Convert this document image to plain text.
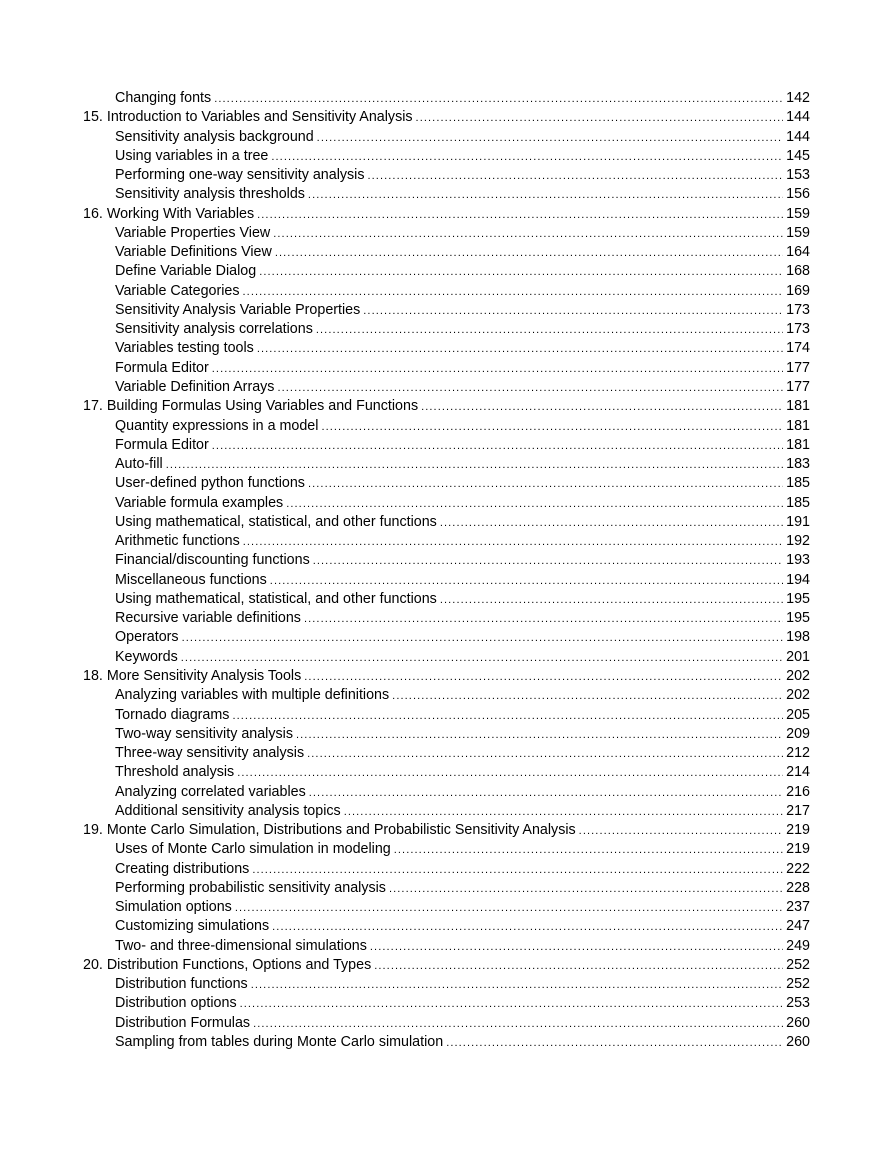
Changing fonts .....	142
15. Introduction to Variables and Sensitivity Analysis .....	144
Sensitivity analysis background .....	144
Using variables in a tree .....	145
Performing one-way sensitivity analysis .....	153
Sensitivity analysis thresholds .....	156
16. Working With Variables .....	159
Variable Properties View .....	159
Variable Definitions View .....	164
Define Variable Dialog .....	168
Variable Categories .....	169
Sensitivity Analysis Variable Properties .....	173
Sensitivity analysis correlations .....	173
Variables testing tools .....	174
Formula Editor .....	177
Variable Definition Arrays .....	177
17. Building Formulas Using Variables and Functions .....	181
Quantity expressions in a model .....	181
Formula Editor .....	181
Auto-fill .....	183
User-defined python functions .....	185
Variable formula examples .....	185
Using mathematical, statistical, and other functions .....	191
Arithmetic functions .....	192
Financial/discounting functions .....	193
Miscellaneous functions .....	194
Using mathematical, statistical, and other functions .....	195
Recursive variable definitions .....	195
Operators .....	198
Keywords .....	201
18. More Sensitivity Analysis Tools .....	202
Analyzing variables with multiple definitions .....	202
Tornado diagrams .....	205
Two-way sensitivity analysis .....	209
Three-way sensitivity analysis .....	212
Threshold analysis .....	214
Analyzing correlated variables .....	216
Additional sensitivity analysis topics .....	217
19. Monte Carlo Simulation, Distributions and Probabilistic Sensitivity Analysis .....	219
Uses of Monte Carlo simulation in modeling .....	219
Creating distributions .....	222
Performing probabilistic sensitivity analysis .....	228
Simulation options .....	237
Customizing simulations .....	247
Two- and three-dimensional simulations .....	249
20. Distribution Functions, Options and Types .....	252
Distribution functions .....	252
Distribution options .....	253
Distribution Formulas .....	260
Sampling from tables during Monte Carlo simulation .....	260
